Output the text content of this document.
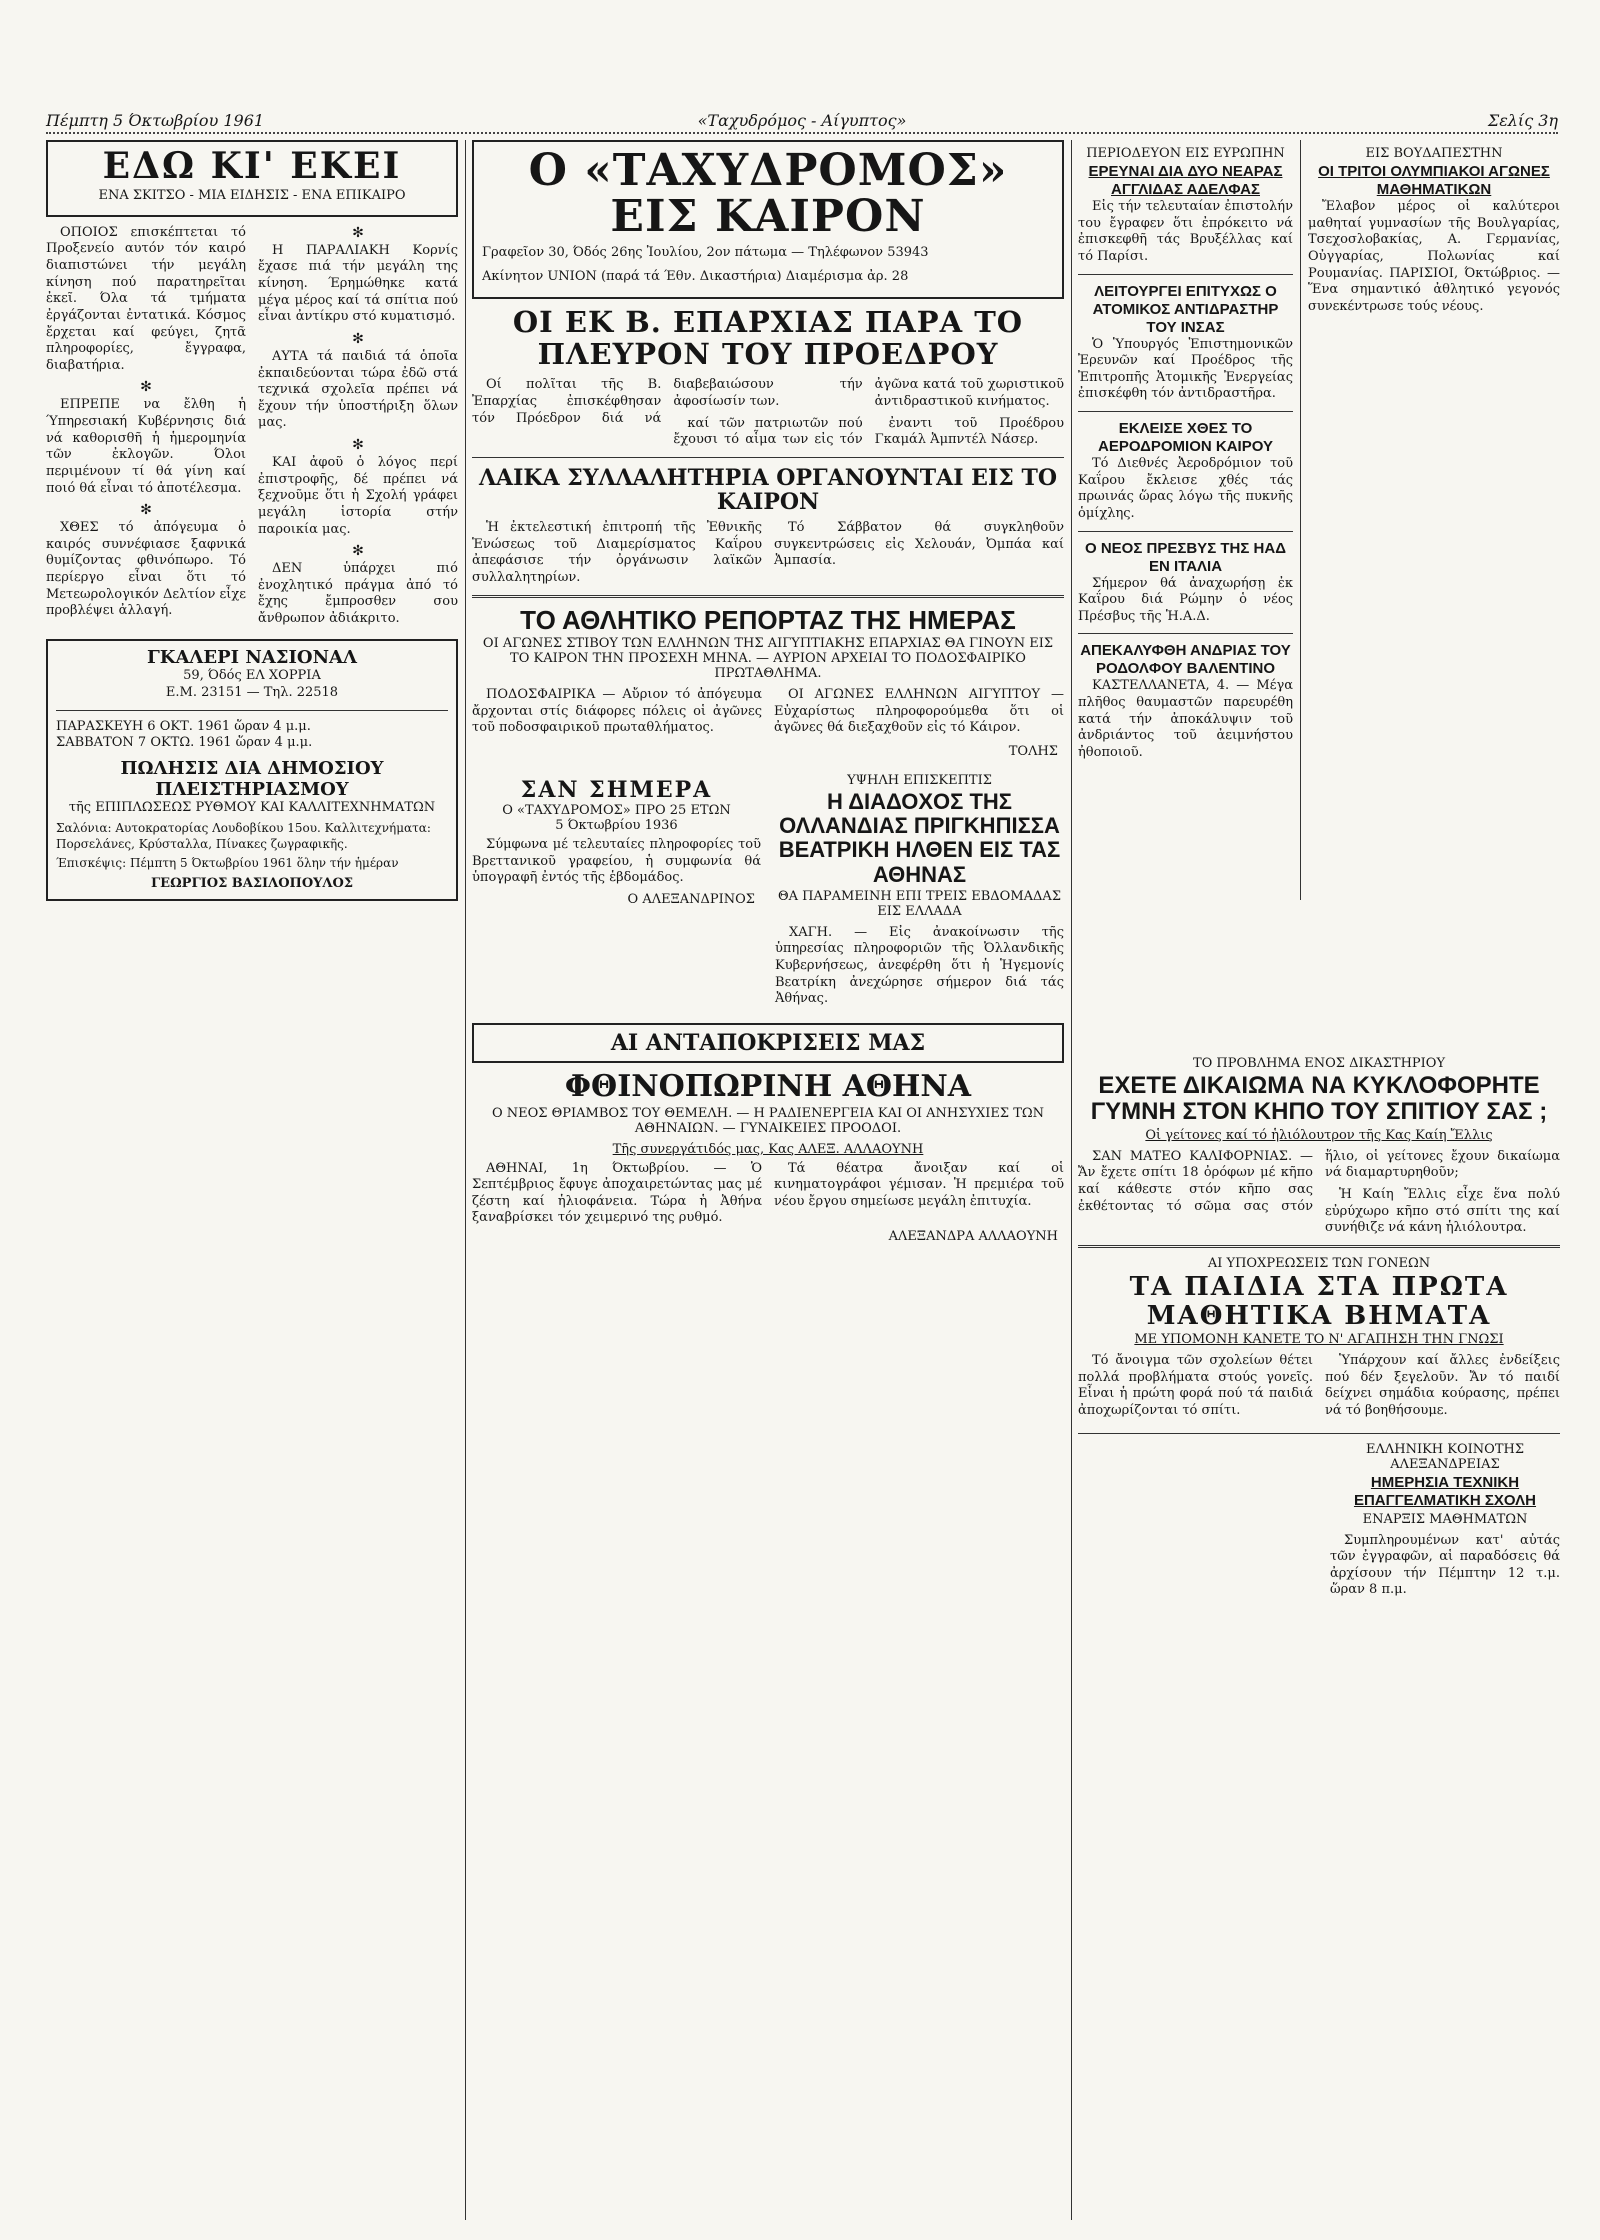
Πέμπτη 5 Όκτωβρίου 1961	«Ταχυδρόμος - Αίγυπτος»	Σελίς 3η
ΕΔΩ ΚΙ' ΕΚΕΙ
ΕΝΑ ΣΚΙΤΣΟ - ΜΙΑ ΕΙΔΗΣΙΣ - ΕΝΑ ΕΠΙΚΑΙΡΟ

ΟΠΟΙΟΣ επισκέπτεται τό Προξενείο αυτόν τόν καιρό διαπιστώνει τήν μεγάλη κίνηση πού παρατηρεῖται ἐκεῖ. Όλα τά τμήματα ἐργάζονται ἐντατικά. Κόσμος ἔρχεται καί φεύγει, ζητᾶ πληροφορίες, ἔγγραφα, διαβατήρια.

✻

ΕΠΡΕΠΕ να ἔλθη ἡ Ύπηρεσιακή Κυβέρνησις διά νά καθορισθῆ ἡ ἡμερομηνία τῶν ἐκλογῶν. Όλοι περιμένουν τί θά γίνη καί ποιό θά εἶναι τό ἀποτέλεσμα.

✻

ΧΘΕΣ τό ἀπόγευμα ὁ καιρός συννέφιασε ξαφνικά θυμίζοντας φθινόπωρο. Τό περίεργο εἶναι ὅτι τό Μετεωρολογικόν Δελτίον εἶχε προβλέψει ἀλλαγή.

✻

Η ΠΑΡΑΛΙΑΚΗ Κορνίς ἔχασε πιά τήν μεγάλη της κίνηση. Έρημώθηκε κατά μέγα μέρος καί τά σπίτια πού εἶναι ἀντίκρυ στό κυματισμό.

✻

ΑΥΤΑ τά παιδιά τά ὁποῖα ἐκπαιδεύονται τώρα ἐδῶ στά τεχνικά σχολεῖα πρέπει νά ἔχουν τήν ὑποστήριξη ὅλων μας.

✻

ΚΑΙ ἀφοῦ ὁ λόγος περί ἐπιστροφῆς, δέ πρέπει νά ξεχνοῦμε ὅτι ἡ Σχολή γράφει μεγάλη ἱστορία στήν παροικία μας.

✻

ΔΕΝ ὑπάρχει πιό ἐνοχλητικό πράγμα ἀπό τό ἔχης ἔμπροσθεν σου ἄνθρωπον ἀδιάκριτο.

ΓΚΑΛΕΡΙ ΝΑΣΙΟΝΑΛ
59, Όδός ΕΛ ΧΟΡΡΙΑ
Ε.Μ. 23151 — Τηλ. 22518
ΠΑΡΑΣΚΕΥΗ 6 ΟΚΤ. 1961 ὥραν 4 μ.μ.
ΣΑΒΒΑΤΟΝ 7 ΟΚΤΩ. 1961 ὥραν 4 μ.μ.
ΠΩΛΗΣΙΣ ΔΙΑ ΔΗΜΟΣΙΟΥ ΠΛΕΙΣΤΗΡΙΑΣΜΟΥ
τῆς ΕΠΙΠΛΩΣΕΩΣ ΡΥΘΜΟΥ ΚΑΙ ΚΑΛΛΙΤΕΧΝΗΜΑΤΩΝ
Σαλόνια: Αυτοκρατορίας Λουδοβίκου 15ου. Καλλιτεχνήματα: Πορσελάνες, Κρύσταλλα, Πίνακες ζωγραφικῆς.
Έπισκέψις: Πέμπτη 5 Όκτωβρίου 1961 ὅλην τήν ἡμέραν
ΓΕΩΡΓΙΟΣ ΒΑΣΙΛΟΠΟΥΛΟΣ
Ο «ΤΑΧΥΔΡΟΜΟΣ» ΕΙΣ ΚΑΙΡΟΝ
Γραφεῖον 30, Όδός 26ης Ἰουλίου, 2ον πάτωμα — Τηλέφωνον 53943
Ακίνητον UNION (παρά τά Έθν. Δικαστήρια) Διαμέρισμα ἀρ. 28
ΟΙ ΕΚ Β. ΕΠΑΡΧΙΑΣ ΠΑΡΑ ΤΟ ΠΛΕΥΡΟΝ ΤΟΥ ΠΡΟΕΔΡΟΥ

Οί πολῖται τῆς Β. Ἐπαρχίας ἐπισκέφθησαν τόν Πρόεδρον διά νά διαβεβαιώσουν τήν ἀφοσίωσίν των.

καί τῶν πατριωτῶν πού ἔχουσι τό αἷμα των εἰς τόν ἀγῶνα κατά τοῦ χωριστικοῦ ἀντιδραστικοῦ κινήματος.

ἐναντι τοῦ Προέδρου Γκαμάλ Ἀμπντέλ Νάσερ.

ΛΑΙΚΑ ΣΥΛΛΑΛΗΤΗΡΙΑ ΟΡΓΑΝΟΥΝΤΑΙ ΕΙΣ ΤΟ ΚΑΙΡΟΝ

Ἡ ἐκτελεστική ἐπιτροπή τῆς Ἐθνικῆς Ἑνώσεως τοῦ Διαμερίσματος Καΐρου ἀπεφάσισε τήν ὀργάνωσιν λαϊκῶν συλλαλητηρίων.

Τό Σάββατον θά συγκληθοῦν συγκεντρώσεις εἰς Χελουάν, Ὀμπάα καί Ἀμπασία.

ΤΟ ΑΘΛΗΤΙΚΟ ΡΕΠΟΡΤΑΖ ΤΗΣ ΗΜΕΡΑΣ
ΟΙ ΑΓΩΝΕΣ ΣΤΙΒΟΥ ΤΩΝ ΕΛΛΗΝΩΝ ΤΗΣ ΑΙΓΥΠΤΙΑΚΗΣ ΕΠΑΡΧΙΑΣ ΘΑ ΓΙΝΟΥΝ ΕΙΣ ΤΟ ΚΑΙΡΟΝ ΤΗΝ ΠΡΟΣΕΧΗ ΜΗΝΑ. — ΑΥΡΙΟΝ ΑΡΧΕΙΑΙ ΤΟ ΠΟΔΟΣΦΑΙΡΙΚΟ ΠΡΩΤΑΘΛΗΜΑ.

ΠΟΔΟΣΦΑΙΡΙΚΑ — Αὔριον τό ἀπόγευμα ἄρχονται στίς διάφορες πόλεις οἱ ἀγῶνες τοῦ ποδοσφαιρικοῦ πρωταθλήματος.

ΟΙ ΑΓΩΝΕΣ ΕΛΛΗΝΩΝ ΑΙΓΥΠΤΟΥ — Εὐχαρίστως πληροφορούμεθα ὅτι οἱ ἀγῶνες θά διεξαχθοῦν εἰς τό Κάιρον.

ΤΟΛΗΣ
ΣΑΝ ΣΗΜΕΡΑ
Ο «ΤΑΧΥΔΡΟΜΟΣ» ΠΡΟ 25 ΕΤΩΝ
5 Όκτωβρίου 1936

Σύμφωνα μέ τελευταίες πληροφορίες τοῦ Βρεττανικοῦ γραφείου, ἡ συμφωνία θά ὑπογραφῆ ἐντός τῆς ἑβδομάδος.

Ο ΑΛΕΞΑΝΔΡΙΝΟΣ
ΥΨΗΛΗ ΕΠΙΣΚΕΠΤΙΣ
Η ΔΙΑΔΟΧΟΣ ΤΗΣ ΟΛΛΑΝΔΙΑΣ ΠΡΙΓΚΗΠΙΣΣΑ ΒΕΑΤΡΙΚΗ ΗΛΘΕΝ ΕΙΣ ΤΑΣ ΑΘΗΝΑΣ
ΘΑ ΠΑΡΑΜΕΙΝΗ ΕΠΙ ΤΡΕΙΣ ΕΒΔΟΜΑΔΑΣ ΕΙΣ ΕΛΛΑΔΑ

ΧΑΓΗ. — Εἰς ἀνακοίνωσιν τῆς ὑπηρεσίας πληροφοριῶν τῆς Ὀλλανδικῆς Κυβερνήσεως, ἀνεφέρθη ὅτι ἡ Ἡγεμονίς Βεατρίκη ἀνεχώρησε σήμερον διά τάς Ἀθήνας.

ΑΙ ΑΝΤΑΠΟΚΡΙΣΕΙΣ ΜΑΣ
ΦΘΙΝΟΠΩΡΙΝΗ ΑΘΗΝΑ
Ο ΝΕΟΣ ΘΡΙΑΜΒΟΣ ΤΟΥ ΘΕΜΕΛΗ. — Η ΡΑΔΙΕΝΕΡΓΕΙΑ ΚΑΙ ΟΙ ΑΝΗΣΥΧΙΕΣ ΤΩΝ ΑΘΗΝΑΙΩΝ. — ΓΥΝΑΙΚΕΙΕΣ ΠΡΟΟΔΟΙ.
Τῆς συνεργάτιδός μας, Κας ΑΛΕΞ. ΑΛΛΑΟΥΝΗ

ΑΘΗΝΑΙ, 1η Όκτωβρίου. — Ὁ Σεπτέμβριος ἔφυγε ἀποχαιρετώντας μας μέ ζέστη καί ἡλιοφάνεια. Τώρα ἡ Ἀθήνα ξαναβρίσκει τόν χειμερινό της ρυθμό.

Τά θέατρα ἄνοιξαν καί οἱ κινηματογράφοι γέμισαν. Ἡ πρεμιέρα τοῦ νέου ἔργου σημείωσε μεγάλη ἐπιτυχία.

ΑΛΕΞΑΝΔΡΑ ΑΛΛΑΟΥΝΗ
ΠΕΡΙΟΔΕΥΟΝ ΕΙΣ ΕΥΡΩΠΗΝ
ΕΡΕΥΝΑΙ ΔΙΑ ΔΥΟ ΝΕΑΡΑΣ ΑΓΓΛΙΔΑΣ ΑΔΕΛΦΑΣ

Εἰς τήν τελευταίαν ἐπιστολήν του ἔγραφεν ὅτι ἐπρόκειτο νά ἐπισκεφθῆ τάς Βρυξέλλας καί τό Παρίσι.

ΛΕΙΤΟΥΡΓΕΙ ΕΠΙΤΥΧΩΣ Ο ΑΤΟΜΙΚΟΣ ΑΝΤΙΔΡΑΣΤΗΡ ΤΟΥ ΙΝΣΑΣ

Ὁ Ὑπουργός Ἐπιστημονικῶν Ἐρευνῶν καί Προέδρος τῆς Ἐπιτροπῆς Ἀτομικῆς Ἐνεργείας ἐπισκέφθη τόν ἀντιδραστῆρα.

ΕΚΛΕΙΣΕ ΧΘΕΣ ΤΟ ΑΕΡΟΔΡΟΜΙΟΝ ΚΑΙΡΟΥ

Τό Διεθνές Ἀεροδρόμιον τοῦ Καΐρου ἔκλεισε χθές τάς πρωινάς ὥρας λόγω τῆς πυκνῆς ὁμίχλης.

Ο ΝΕΟΣ ΠΡΕΣΒΥΣ ΤΗΣ ΗΑΔ ΕΝ ΙΤΑΛΙΑ

Σήμερον θά ἀναχωρήσῃ ἐκ Καΐρου διά Ρώμην ὁ νέος Πρέσβυς τῆς Ἡ.Α.Δ.

ΑΠΕΚΑΛΥΦΘΗ ΑΝΔΡΙΑΣ ΤΟΥ ΡΟΔΟΛΦΟΥ ΒΑΛΕΝΤΙΝΟ

ΚΑΣΤΕΛΛΑΝΕΤΑ, 4. — Μέγα πλῆθος θαυμαστῶν παρευρέθη κατά τήν ἀποκάλυψιν τοῦ ἀνδριάντος τοῦ ἀειμνήστου ἠθοποιοῦ.

ΕΙΣ ΒΟΥΔΑΠΕΣΤΗΝ
ΟΙ ΤΡΙΤΟΙ ΟΛΥΜΠΙΑΚΟΙ ΑΓΩΝΕΣ ΜΑΘΗΜΑΤΙΚΩΝ

Ἔλαβον μέρος οἱ καλύτεροι μαθηταί γυμνασίων τῆς Βουλγαρίας, Τσεχοσλοβακίας, Α. Γερμανίας, Οὐγγαρίας, Πολωνίας καί Ρουμανίας. ΠΑΡΙΣΙΟΙ, Όκτώβριος. — Ἕνα σημαντικό ἀθλητικό γεγονός συνεκέντρωσε τούς νέους.

ΤΟ ΠΡΟΒΛΗΜΑ ΕΝΟΣ ΔΙΚΑΣΤΗΡΙΟΥ
ΕΧΕΤΕ ΔΙΚΑΙΩΜΑ ΝΑ ΚΥΚΛΟΦΟΡΗΤΕ ΓΥΜΝΗ ΣΤΟΝ ΚΗΠΟ ΤΟΥ ΣΠΙΤΙΟΥ ΣΑΣ ;
Οἱ γείτονες καί τό ἡλιόλουτρον τῆς Κας Καίη Ἔλλις

ΣΑΝ ΜΑΤΕΟ ΚΑΛΙΦΟΡΝΙΑΣ. — Ἄν ἔχετε σπίτι 18 ὀρόφων μέ κῆπο καί κάθεστε στόν κῆπο σας ἐκθέτοντας τό σῶμα σας στόν ἥλιο, οἱ γείτονες ἔχουν δικαίωμα νά διαμαρτυρηθοῦν;

Ἡ Καίη Ἔλλις εἶχε ἕνα πολύ εὐρύχωρο κῆπο στό σπίτι της καί συνήθιζε νά κάνη ἡλιόλουτρα.

ΑΙ ΥΠΟΧΡΕΩΣΕΙΣ ΤΩΝ ΓΟΝΕΩΝ
ΤΑ ΠΑΙΔΙΑ ΣΤΑ ΠΡΩΤΑ ΜΑΘΗΤΙΚΑ ΒΗΜΑΤΑ
ΜΕ ΥΠΟΜΟΝΗ ΚΑΝΕΤΕ ΤΟ Ν' ΑΓΑΠΗΣΗ ΤΗΝ ΓΝΩΣΙ

Τό ἄνοιγμα τῶν σχολείων θέτει πολλά προβλήματα στούς γονεῖς. Εἶναι ἡ πρώτη φορά πού τά παιδιά ἀποχωρίζονται τό σπίτι.

Ὑπάρχουν καί ἄλλες ἐνδείξεις πού δέν ξεγελοῦν. Ἄν τό παιδί δείχνει σημάδια κούρασης, πρέπει νά τό βοηθήσουμε.

ΕΛΛΗΝΙΚΗ ΚΟΙΝΟΤΗΣ ΑΛΕΞΑΝΔΡΕΙΑΣ
ΗΜΕΡΗΣΙΑ ΤΕΧΝΙΚΗ ΕΠΑΓΓΕΛΜΑΤΙΚΗ ΣΧΟΛΗ
ΕΝΑΡΞΙΣ ΜΑΘΗΜΑΤΩΝ

Συμπληρουμένων κατ' αὐτάς τῶν ἐγγραφῶν, αἱ παραδόσεις θά ἀρχίσουν τήν Πέμπτην 12 τ.μ. ὥραν 8 π.μ.
